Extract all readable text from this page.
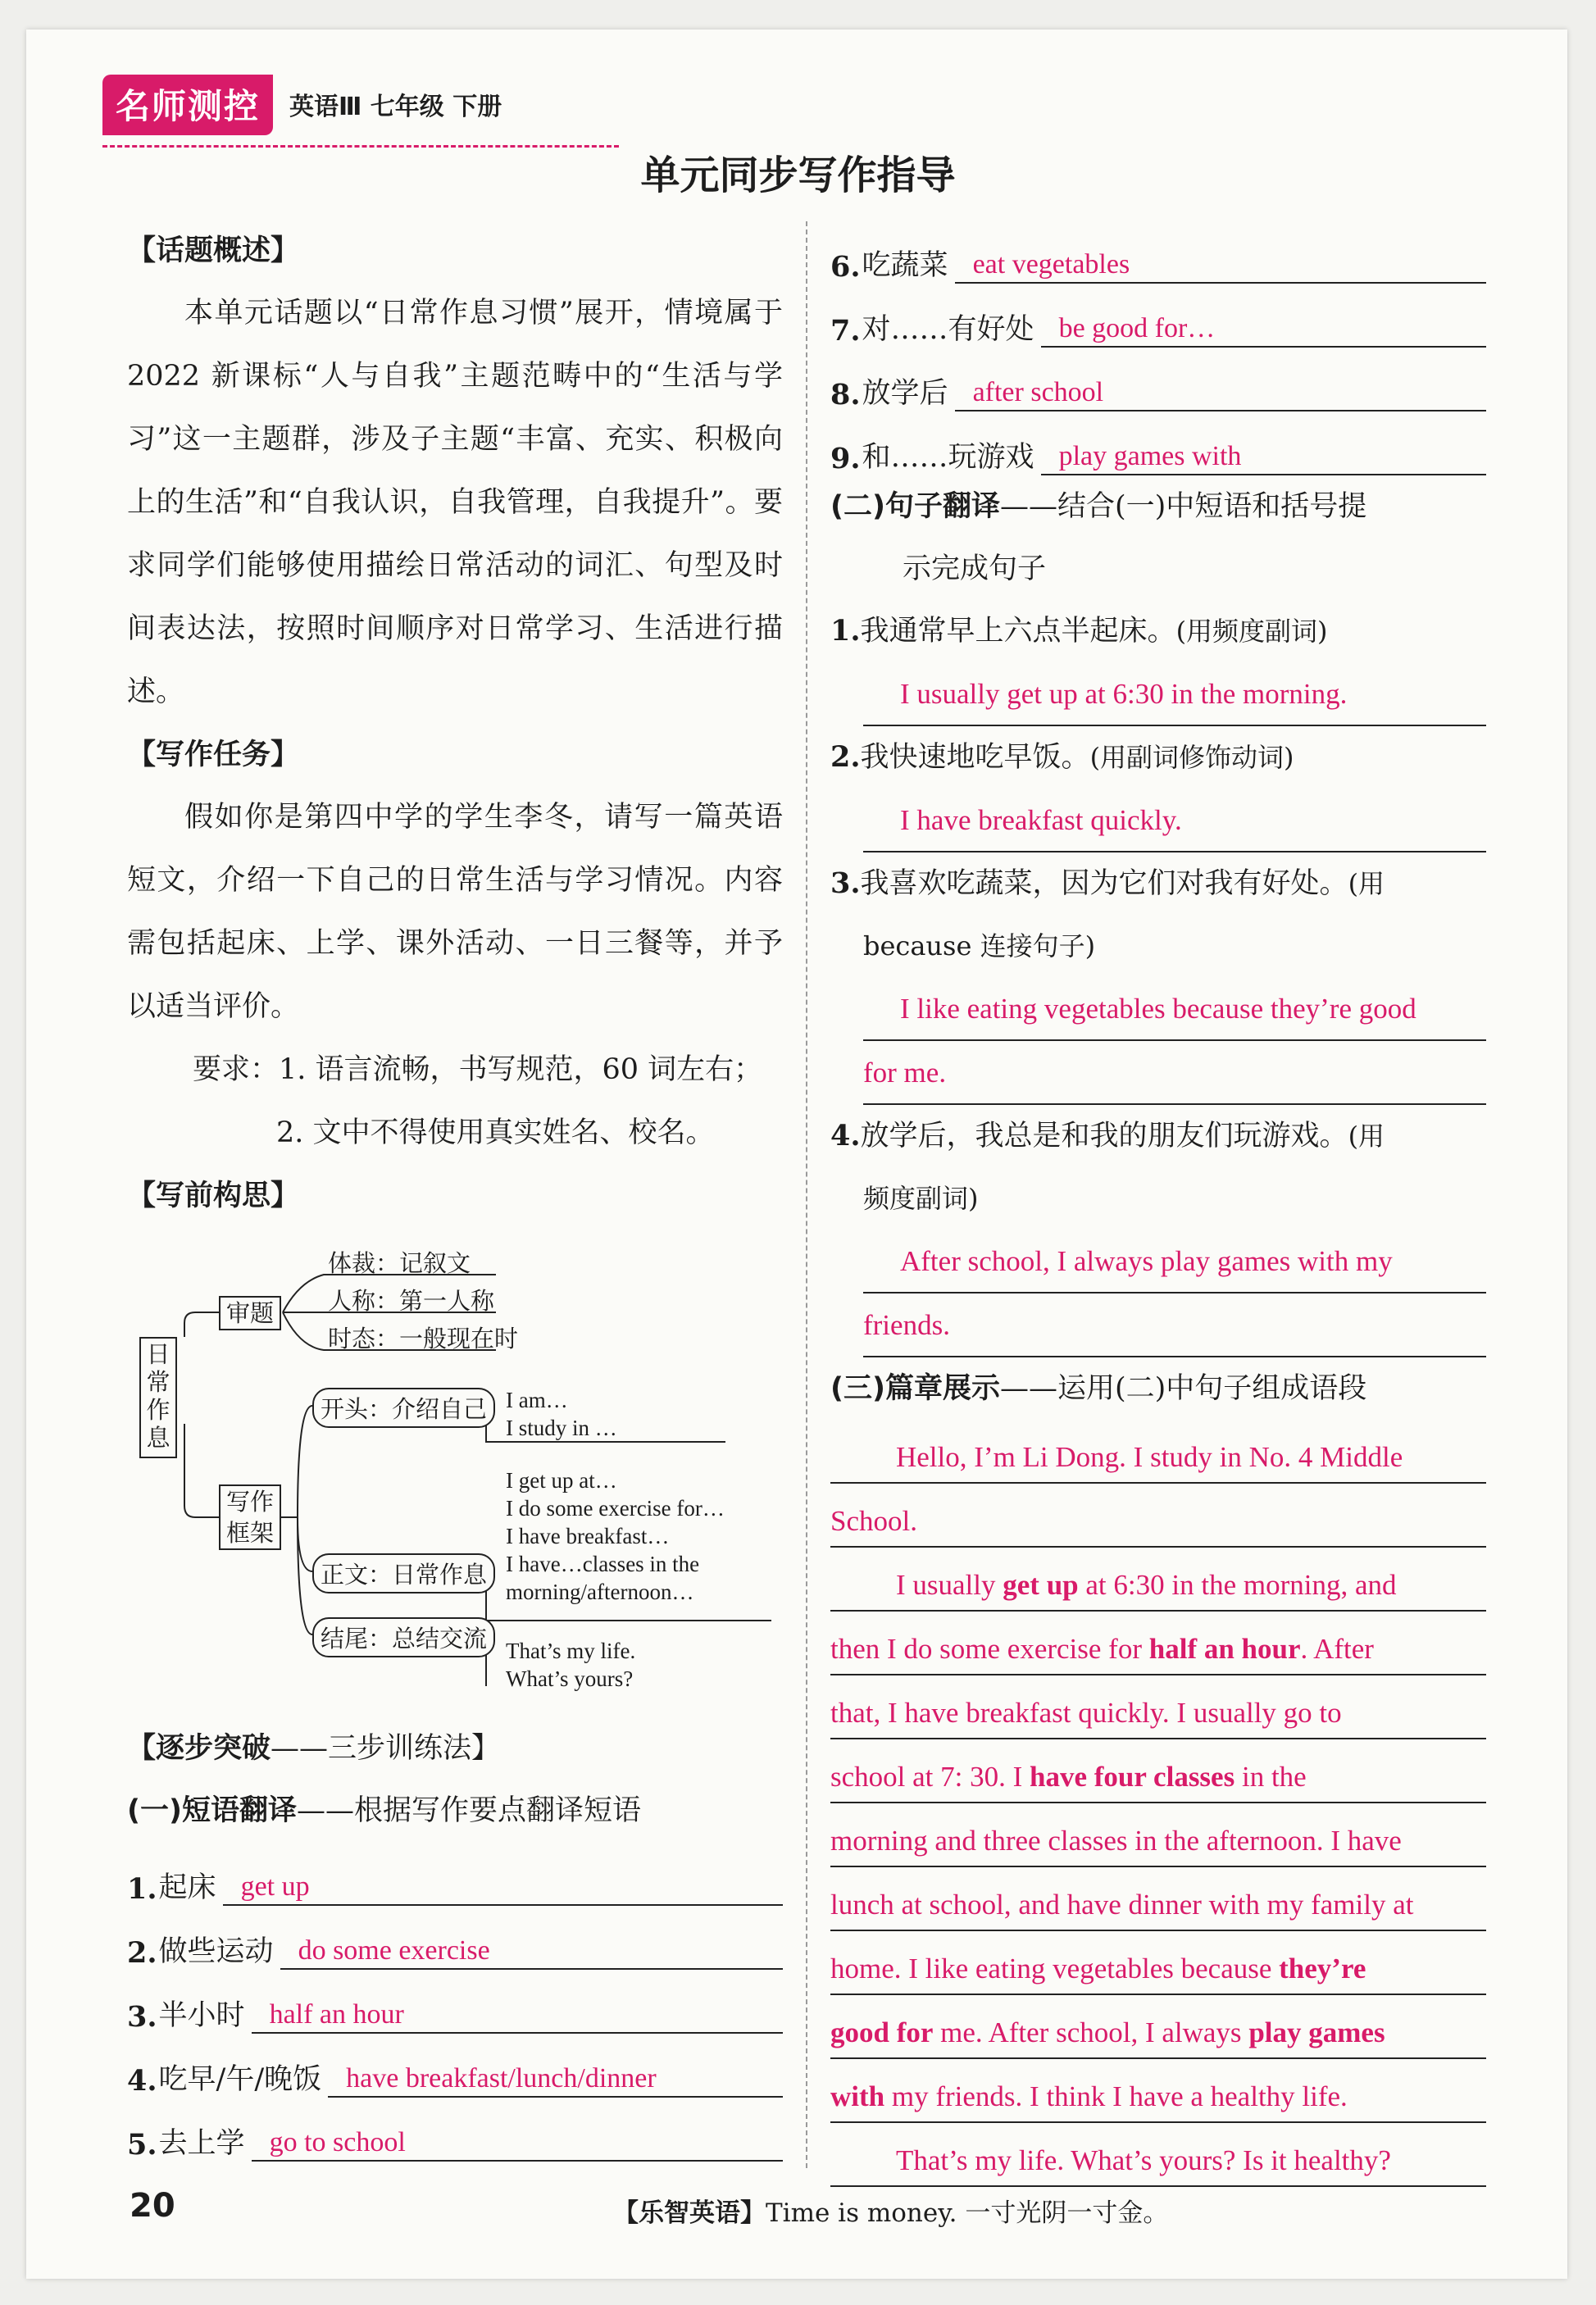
名师测控	英语Ⅲ 七年级 下册
单元同步写作指导
【话题概述】

本单元话题以“日常作息习惯”展开，情境属于 2022 新课标“人与自我”主题范畴中的“生活与学习”这一主题群，涉及子主题“丰富、充实、积极向上的生活”和“自我认识，自我管理，自我提升”。要求同学们能够使用描绘日常活动的词汇、句型及时间表达法，按照时间顺序对日常学习、生活进行描述。

【写作任务】

假如你是第四中学的学生李冬，请写一篇英语短文，介绍一下自己的日常生活与学习情况。内容需包括起床、上学、课外活动、一日三餐等，并予以适当评价。

要求：1. 语言流畅，书写规范，60 词左右；

2. 文中不得使用真实姓名、校名。

【写前构思】
日常作息
审题
体裁：记叙文
人称：第一人称
时态：一般现在时
写作框架
开头：介绍自己 I am…
I study in …
正文：日常作息
I get up at…
I do some exercise for…
I have breakfast…
I have…classes in the
morning/afternoon…
结尾：总结交流 That’s my life.
What’s yours?
【逐步突破——三步训练法】
(一)短语翻译——根据写作要点翻译短语
1. 起床 get up
2. 做些运动 do some exercise
3. 半小时 half an hour
4. 吃早/午/晚饭 have breakfast/lunch/dinner
5. 去上学 go to school
6. 吃蔬菜 eat vegetables
7. 对……有好处 be good for…
8. 放学后 after school
9. 和……玩游戏 play games with
(二)句子翻译——结合(一)中短语和括号提
示完成句子

1.我通常早上六点半起床。(用频度副词)

I usually get up at 6:30 in the morning.

2.我快速地吃早饭。(用副词修饰动词)

I have breakfast quickly.

3.我喜欢吃蔬菜，因为它们对我有好处。(用

because 连接句子)

I like eating vegetables because they’re good
for me.

4.放学后，我总是和我的朋友们玩游戏。(用

频度副词)

After school, I always play games with my
friends.
(三)篇章展示——运用(二)中句子组成语段
Hello, I’m Li Dong. I study in No. 4 Middle
School.
I usually get up at 6:30 in the morning, and
then I do some exercise for half an hour. After
that, I have breakfast quickly. I usually go to
school at 7: 30. I have four classes in the
morning and three classes in the afternoon. I have
lunch at school, and have dinner with my family at
home. I like eating vegetables because they’re
good for me. After school, I always play games
with my friends. I think I have a healthy life.
That’s my life. What’s yours? Is it healthy?
20	【乐智英语】Time is money. 一寸光阴一寸金。
